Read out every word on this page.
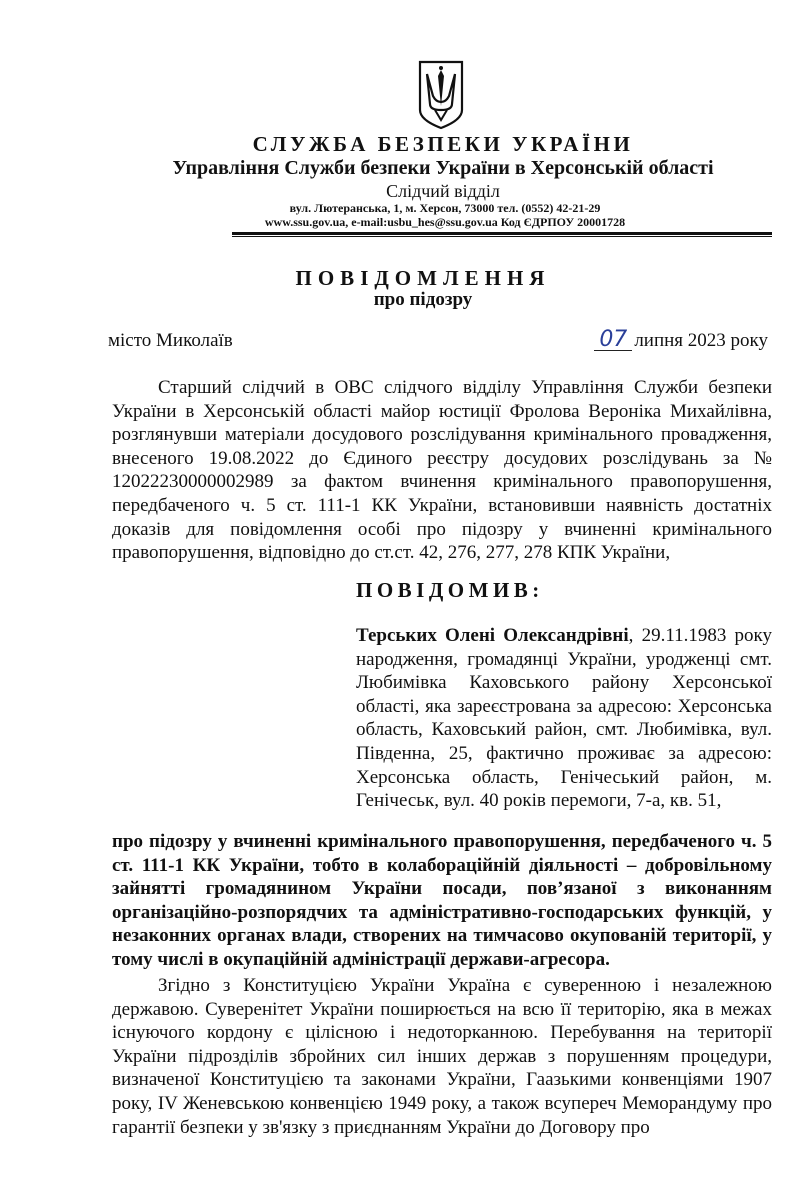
СЛУЖБА БЕЗПЕКИ УКРАЇНИ
Управління Служби безпеки України в Херсонській області
Слідчий відділ
вул. Лютеранська, 1, м. Херсон, 73000 тел. (0552) 42-21-29
www.ssu.gov.ua, e-mail:usbu_hes@ssu.gov.ua Код ЄДРПОУ 20001728
ПОВІДОМЛЕННЯ
про підозру
місто Миколаїв	07 липня 2023 року
Старший слідчий в ОВС слідчого відділу Управління Служби безпеки України в Херсонській області майор юстиції Фролова Вероніка Михайлівна, розглянувши матеріали досудового розслідування кримінального провадження, внесеного 19.08.2022 до Єдиного реєстру досудових розслідувань за № 12022230000002989 за фактом вчинення кримінального правопорушення, передбаченого ч. 5 ст. 111-1 КК України, встановивши наявність достатніх доказів для повідомлення особі про підозру у вчиненні кримінального правопорушення, відповідно до ст.ст. 42, 276, 277, 278 КПК України,
ПОВІДОМИВ:
Терських Олені Олександрівні, 29.11.1983 року народження, громадянці України, уродженці смт. Любимівка Каховського району Херсонської області, яка зареєстрована за адресою: Херсонська область, Каховський район, смт. Любимівка, вул. Південна, 25, фактично проживає за адресою: Херсонська область, Генічеський район, м. Генічеськ, вул. 40 років перемоги, 7-а, кв. 51,
про підозру у вчиненні кримінального правопорушення, передбаченого ч. 5 ст. 111-1 КК України, тобто в колабораційній діяльності – добровільному зайнятті громадянином України посади, пов’язаної з виконанням організаційно-розпорядчих та адміністративно-господарських функцій, у незаконних органах влади, створених на тимчасово окупованій території, у тому числі в окупаційній адміністрації держави-агресора.
Згідно з Конституцією України Україна є суверенною і незалежною державою. Суверенітет України поширюється на всю її територію, яка в межах існуючого кордону є цілісною і недоторканною. Перебування на території України підрозділів збройних сил інших держав з порушенням процедури, визначеної Конституцією та законами України, Гаазькими конвенціями 1907 року, IV Женевською конвенцією 1949 року, а також всупереч Меморандуму про гарантії безпеки у зв'язку з приєднанням України до Договору про
